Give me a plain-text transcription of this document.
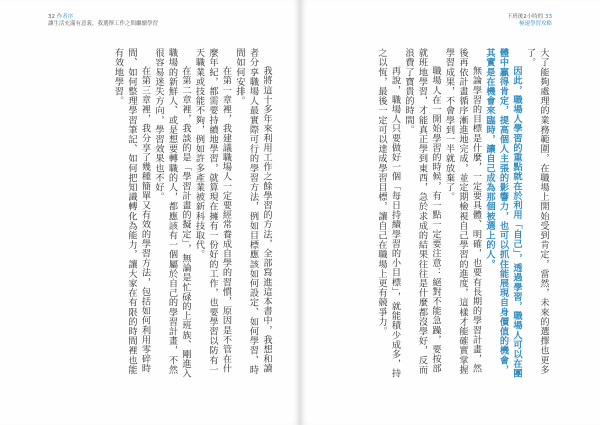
32 作者序
讓生活充滿有意義，我選擇工作之間繼續學習

我將這十多年來利用工作之餘學習的方法，全部寫進這本書中，我想和讀者分享職場人最實際可行的學習方法，例如目標應該如何設定、如何學習、時間如何安排。

在第一章裡，我建議職場人一定要經常養成自學的習慣，原因是不管在什麼年紀，都需要持續地學習，就算現在擁有一份好的工作，也要學習以防有一天職業或技能不夠，例如許多產業被新科技取代。

在第二章裡，我談的是「學習計畫的擬定」，無論是忙碌的上班族、剛進入職場的新鮮人、或是想要轉職的人，都應該有一個屬於自己的學習計畫，不然很容易迷失方向，學習效果也不好。

在第三章裡，我分享了幾種簡單又有效的學習方法，包括如何利用零碎時間、如何整理學習筆記、如何把知識轉化為能力，讓大家在有限的時間裡也能有效地學習。

下班後2小時的 33
極速學習攻略

大了能夠處理的業務範圍，在職場上開始受到肯定，當然，未來的選擇也更多了。

因此，職場人學習的重點就在於利用「自己」，透過學習，職場人可以在團體中贏得肯定，提高個人主張的影響力，也可以抓住能展現自身價值的機會，其實是在機會來臨時，讓自己成為那個被選上的人。

無論學習的目標是什麼，一定要具體、明確，也要有長期的學習計畫，然後再依計畫循序漸進地完成，並定期檢視自己學習的進度，這樣才能確實掌握學習成果，不會學到一半就放棄了。

職場人在一開始學習的時候，有一點一定要注意：絕對不能急躁，要按部就班地學習，才能真正學到東西，急於求成的結果往往是什麼都沒學好，反而浪費了寶貴的時間。

再說，職場人只要做好一個「每日持續學習的小目標」，就能積少成多，持之以恆，最後一定可以達成學習目標，讓自己在職場上更有競爭力。
